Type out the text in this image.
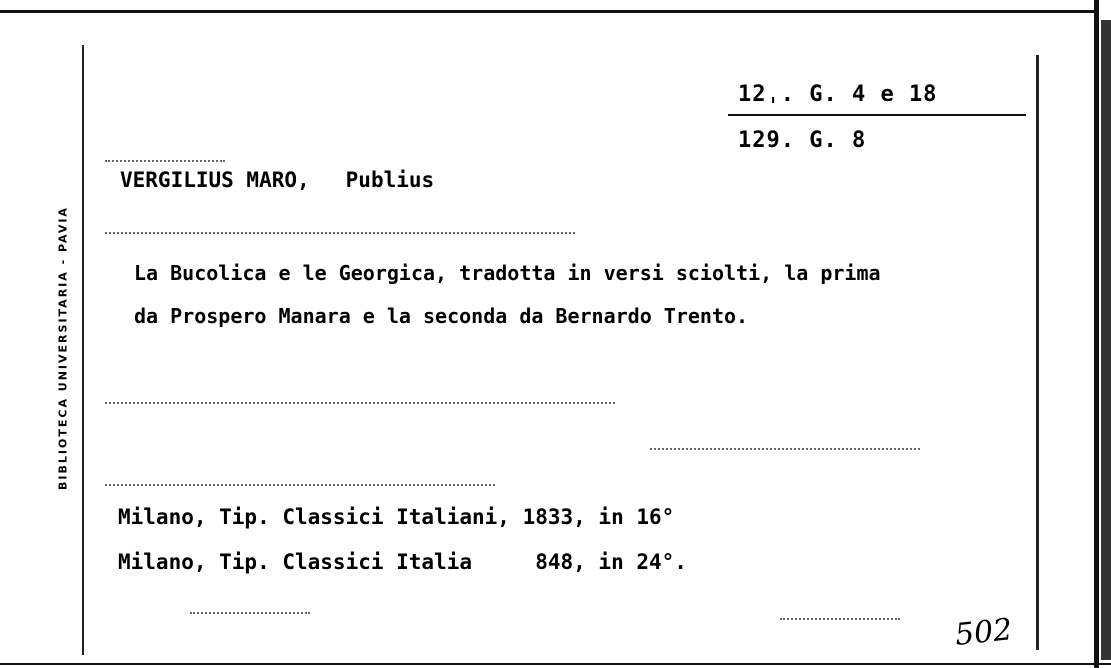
BIBLIOTECA UNIVERSITARIA - PAVIA
12ˌ. G. 4 e 18
129. G. 8
VERGILIUS MARO, Publius
La Bucolica e le Georgica, tradotta in versi sciolti, la prima
da Prospero Manara e la seconda da Bernardo Trento.
Milano, Tip. Classici Italiani, 1833, in 16°
Milano, Tip. Classici Italia     848, in 24°.
502
